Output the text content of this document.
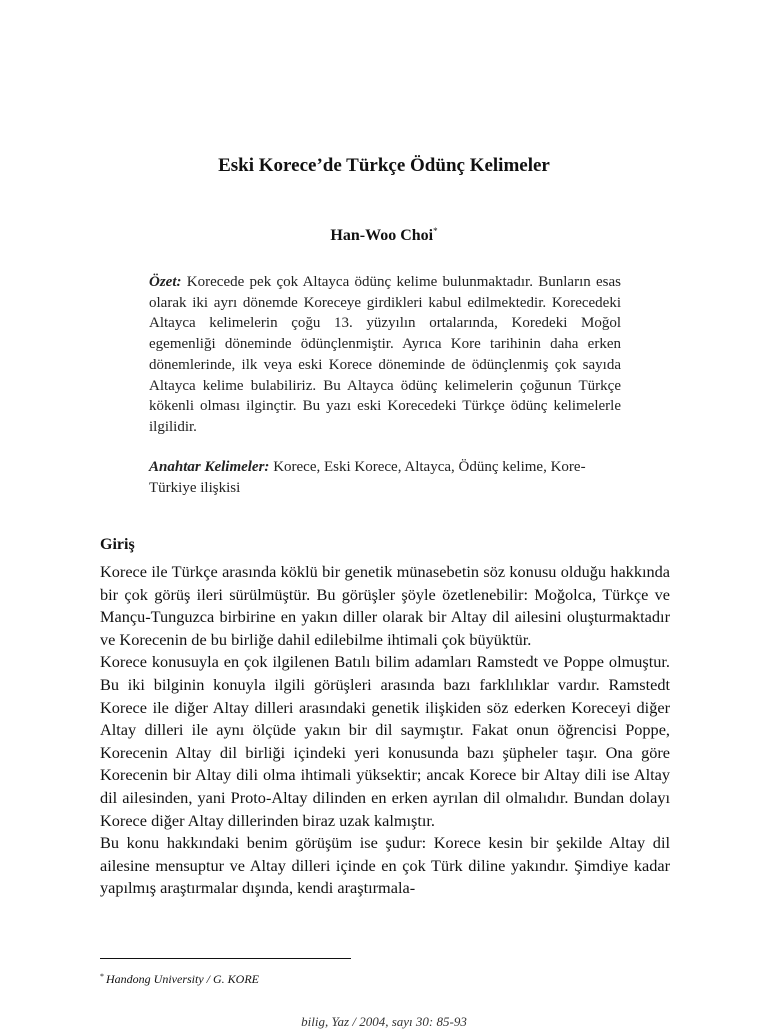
Eski Korece’de Türkçe Ödünç Kelimeler
Han-Woo Choi*
Özet: Korecede pek çok Altayca ödünç kelime bulunmaktadır. Bunların esas olarak iki ayrı dönemde Koreceye girdikleri kabul edilmektedir. Korecedeki Altayca kelimelerin çoğu 13. yüzyılın ortalarında, Koredeki Moğol egemenliği döneminde ödünçlenmiştir. Ayrıca Kore tarihinin daha erken dönemlerinde, ilk veya eski Korece döneminde de ödünçlenmiş çok sayıda Altayca kelime bulabiliriz. Bu Altayca ödünç kelimelerin çoğunun Türkçe kökenli olması ilginçtir. Bu yazı eski Korecedeki Türkçe ödünç kelimelerle ilgilidir.
Anahtar Kelimeler: Korece, Eski Korece, Altayca, Ödünç kelime, Kore-Türkiye ilişkisi
Giriş

Korece ile Türkçe arasında köklü bir genetik münasebetin söz konusu olduğu hakkında bir çok görüş ileri sürülmüştür. Bu görüşler şöyle özetlenebilir: Moğolca, Türkçe ve Mançu-Tunguzca birbirine en yakın diller olarak bir Altay dil ailesini oluşturmaktadır ve Korecenin de bu birliğe dahil edilebilme ihtimali çok büyüktür.

Korece konusuyla en çok ilgilenen Batılı bilim adamları Ramstedt ve Poppe olmuştur. Bu iki bilginin konuyla ilgili görüşleri arasında bazı farklılıklar vardır. Ramstedt Korece ile diğer Altay dilleri arasındaki genetik ilişkiden söz ederken Koreceyi diğer Altay dilleri ile aynı ölçüde yakın bir dil saymıştır. Fakat onun öğrencisi Poppe, Korecenin Altay dil birliği içindeki yeri konusunda bazı şüpheler taşır. Ona göre Korecenin bir Altay dili olma ihtimali yüksektir; ancak Korece bir Altay dili ise Altay dil ailesinden, yani Proto-Altay dilinden en erken ayrılan dil olmalıdır. Bundan dolayı Korece diğer Altay dillerinden biraz uzak kalmıştır.

Bu konu hakkındaki benim görüşüm ise şudur: Korece kesin bir şekilde Altay dil ailesine mensuptur ve Altay dilleri içinde en çok Türk diline yakındır. Şimdiye kadar yapılmış araştırmalar dışında, kendi araştırmala-

* Handong University / G. KORE
bilig, Yaz / 2004, sayı 30: 85-93
